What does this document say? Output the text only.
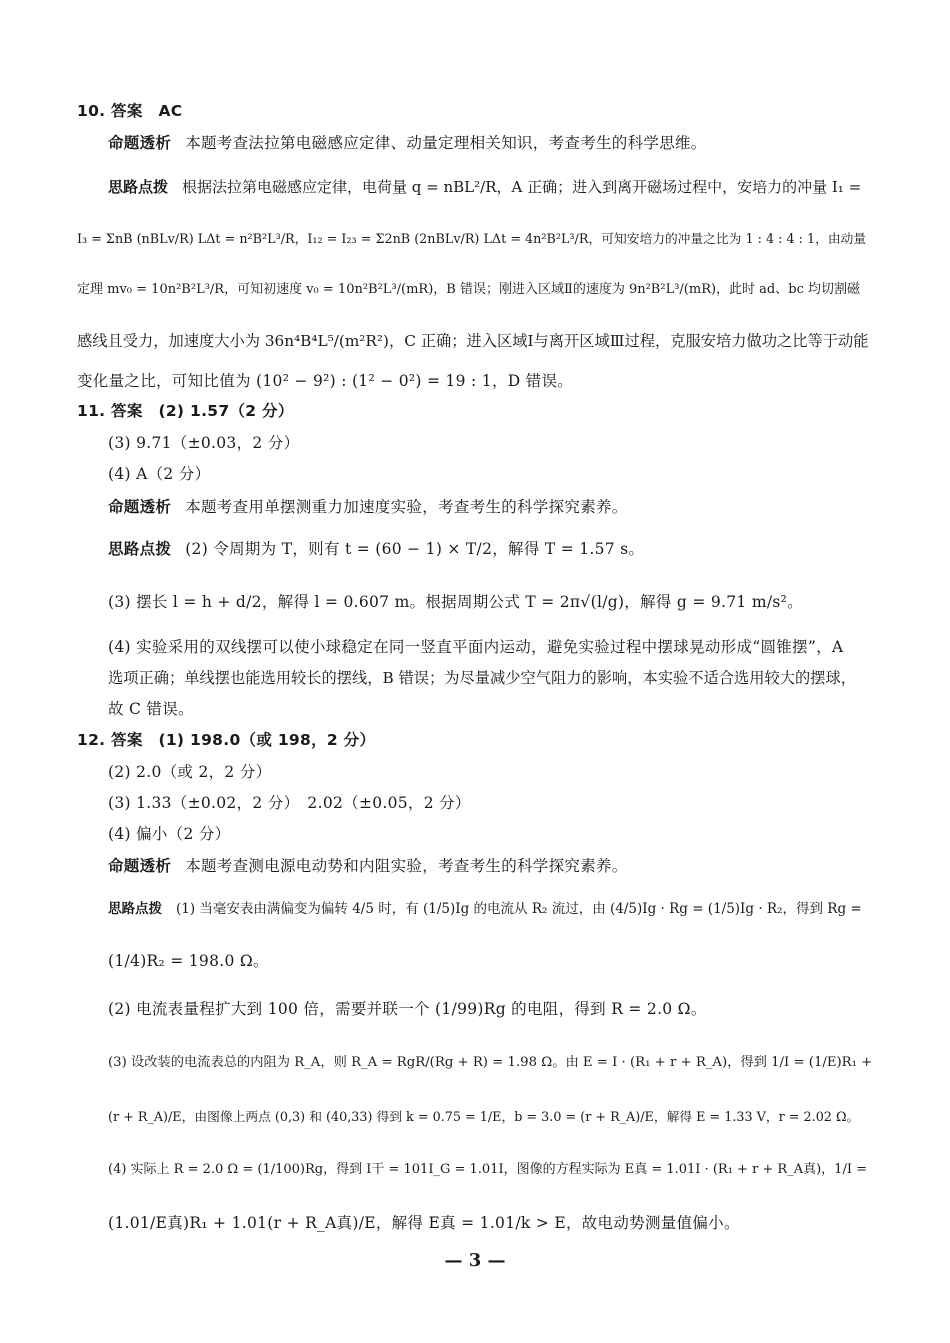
10. 答案　AC
命题透析 本题考查法拉第电磁感应定律、动量定理相关知识，考查考生的科学思维。
思路点拨 根据法拉第电磁感应定律，电荷量 q = nBL²/R，A 正确；进入到离开磁场过程中，安培力的冲量 I₁ =
I₃ = ΣnB (nBLv/R) LΔt = n²B²L³/R，I₁₂ = I₂₃ = Σ2nB (2nBLv/R) LΔt = 4n²B²L³/R，可知安培力的冲量之比为 1 : 4 : 4 : 1，由动量
定理 mv₀ = 10n²B²L³/R，可知初速度 v₀ = 10n²B²L³/(mR)，B 错误；刚进入区域Ⅱ的速度为 9n²B²L³/(mR)，此时 ad、bc 均切割磁
感线且受力，加速度大小为 36n⁴B⁴L⁵/(m²R²)，C 正确；进入区域Ⅰ与离开区域Ⅲ过程，克服安培力做功之比等于动能
变化量之比，可知比值为 (10² − 9²) : (1² − 0²) = 19 : 1，D 错误。
11. 答案　(2) 1.57（2 分）
(3) 9.71（±0.03，2 分）
(4) A（2 分）
命题透析 本题考查用单摆测重力加速度实验，考查考生的科学探究素养。
思路点拨 (2) 令周期为 T，则有 t = (60 − 1) × T/2，解得 T = 1.57 s。
(3) 摆长 l = h + d/2，解得 l = 0.607 m。根据周期公式 T = 2π√(l/g)，解得 g = 9.71 m/s²。
(4) 实验采用的双线摆可以使小球稳定在同一竖直平面内运动，避免实验过程中摆球晃动形成“圆锥摆”，A
选项正确；单线摆也能选用较长的摆线，B 错误；为尽量减少空气阻力的影响，本实验不适合选用较大的摆球，
故 C 错误。
12. 答案　(1) 198.0（或 198，2 分）
(2) 2.0（或 2，2 分）
(3) 1.33（±0.02，2 分）　2.02（±0.05，2 分）
(4) 偏小（2 分）
命题透析 本题考查测电源电动势和内阻实验，考查考生的科学探究素养。
思路点拨 (1) 当毫安表由满偏变为偏转 4/5 时，有 (1/5)Ig 的电流从 R₂ 流过，由 (4/5)Ig · Rg = (1/5)Ig · R₂，得到 Rg =
(1/4)R₂ = 198.0 Ω。
(2) 电流表量程扩大到 100 倍，需要并联一个 (1/99)Rg 的电阻，得到 R = 2.0 Ω。
(3) 设改装的电流表总的内阻为 R_A，则 R_A = RgR/(Rg + R) = 1.98 Ω。由 E = I · (R₁ + r + R_A)，得到 1/I = (1/E)R₁ +
(r + R_A)/E，由图像上两点 (0,3) 和 (40,33) 得到 k = 0.75 = 1/E，b = 3.0 = (r + R_A)/E，解得 E = 1.33 V，r = 2.02 Ω。
(4) 实际上 R = 2.0 Ω = (1/100)Rg，得到 I干 = 101I_G = 1.01I，图像的方程实际为 E真 = 1.01I · (R₁ + r + R_A真)，1/I =
(1.01/E真)R₁ + 1.01(r + R_A真)/E，解得 E真 = 1.01/k > E，故电动势测量值偏小。
— 3 —
